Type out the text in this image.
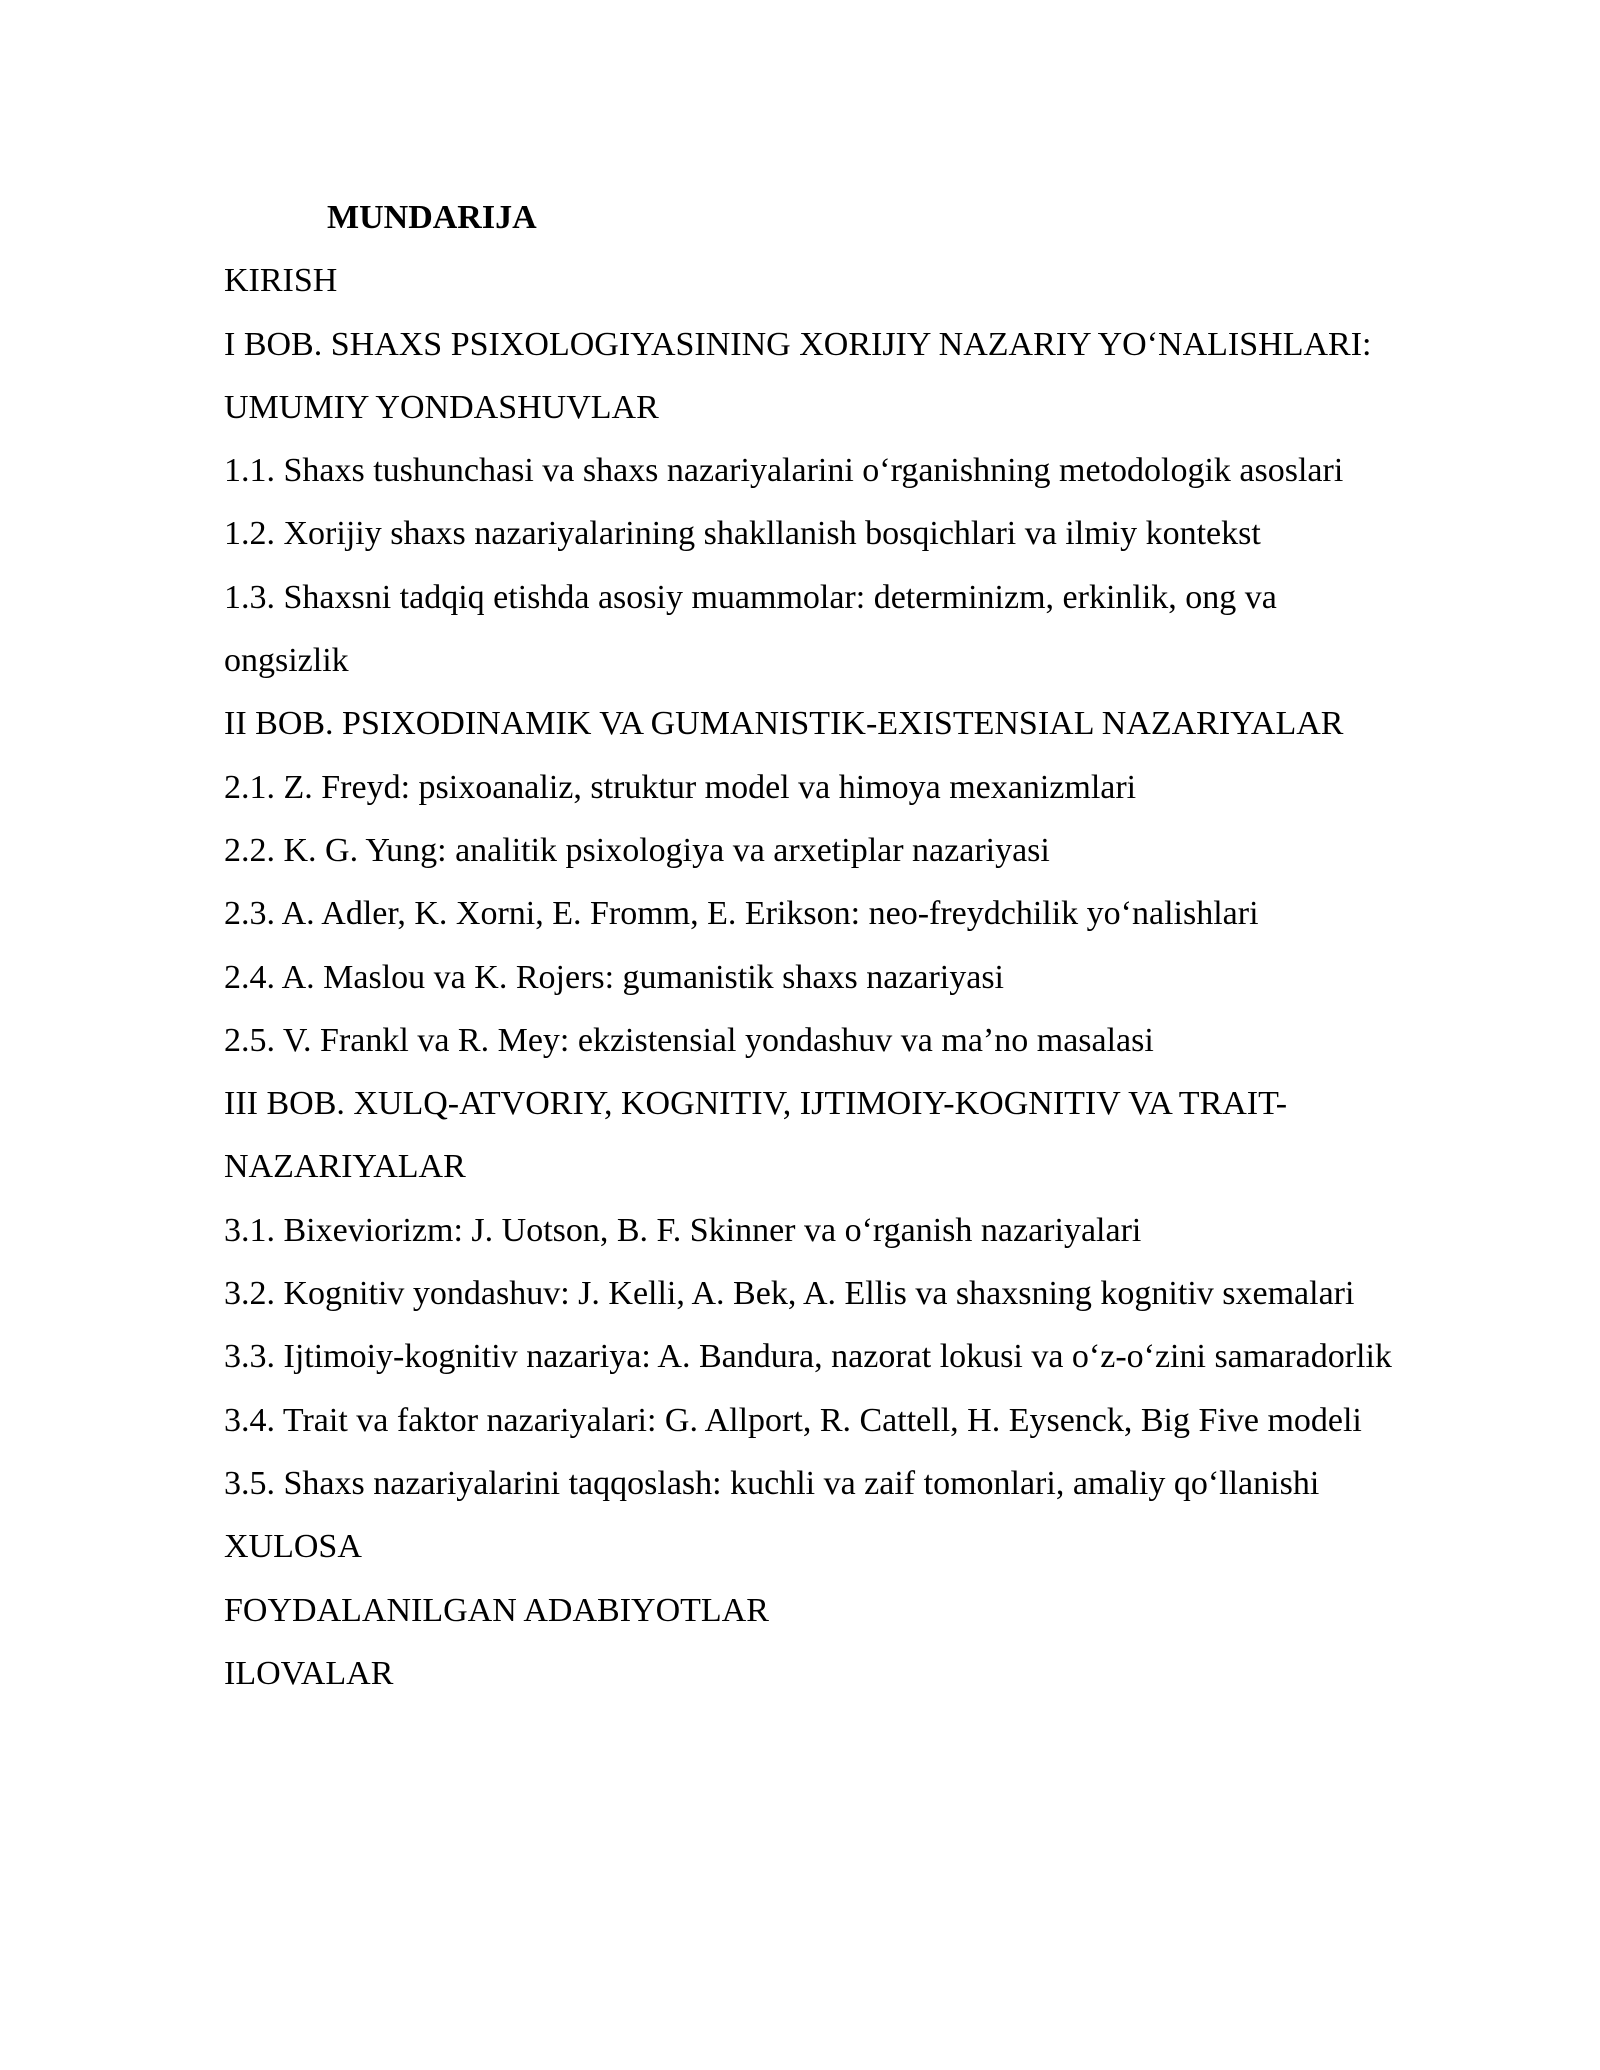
MUNDARIJA

KIRISH

I BOB. SHAXS PSIXOLOGIYASINING XORIJIY NAZARIY YO‘NALISHLARI:

UMUMIY YONDASHUVLAR

1.1. Shaxs tushunchasi va shaxs nazariyalarini o‘rganishning metodologik asoslari

1.2. Xorijiy shaxs nazariyalarining shakllanish bosqichlari va ilmiy kontekst

1.3. Shaxsni tadqiq etishda asosiy muammolar: determinizm, erkinlik, ong va

ongsizlik

II BOB. PSIXODINAMIK VA GUMANISTIK-EXISTENSIAL NAZARIYALAR

2.1. Z. Freyd: psixoanaliz, struktur model va himoya mexanizmlari

2.2. K. G. Yung: analitik psixologiya va arxetiplar nazariyasi

2.3. A. Adler, K. Xorni, E. Fromm, E. Erikson: neo-freydchilik yo‘nalishlari

2.4. A. Maslou va K. Rojers: gumanistik shaxs nazariyasi

2.5. V. Frankl va R. Mey: ekzistensial yondashuv va ma’no masalasi

III BOB. XULQ-ATVORIY, KOGNITIV, IJTIMOIY-KOGNITIV VA TRAIT-

NAZARIYALAR

3.1. Bixeviorizm: J. Uotson, B. F. Skinner va o‘rganish nazariyalari

3.2. Kognitiv yondashuv: J. Kelli, A. Bek, A. Ellis va shaxsning kognitiv sxemalari

3.3. Ijtimoiy-kognitiv nazariya: A. Bandura, nazorat lokusi va o‘z-o‘zini samaradorlik

3.4. Trait va faktor nazariyalari: G. Allport, R. Cattell, H. Eysenck, Big Five modeli

3.5. Shaxs nazariyalarini taqqoslash: kuchli va zaif tomonlari, amaliy qo‘llanishi

XULOSA

FOYDALANILGAN ADABIYOTLAR

ILOVALAR
